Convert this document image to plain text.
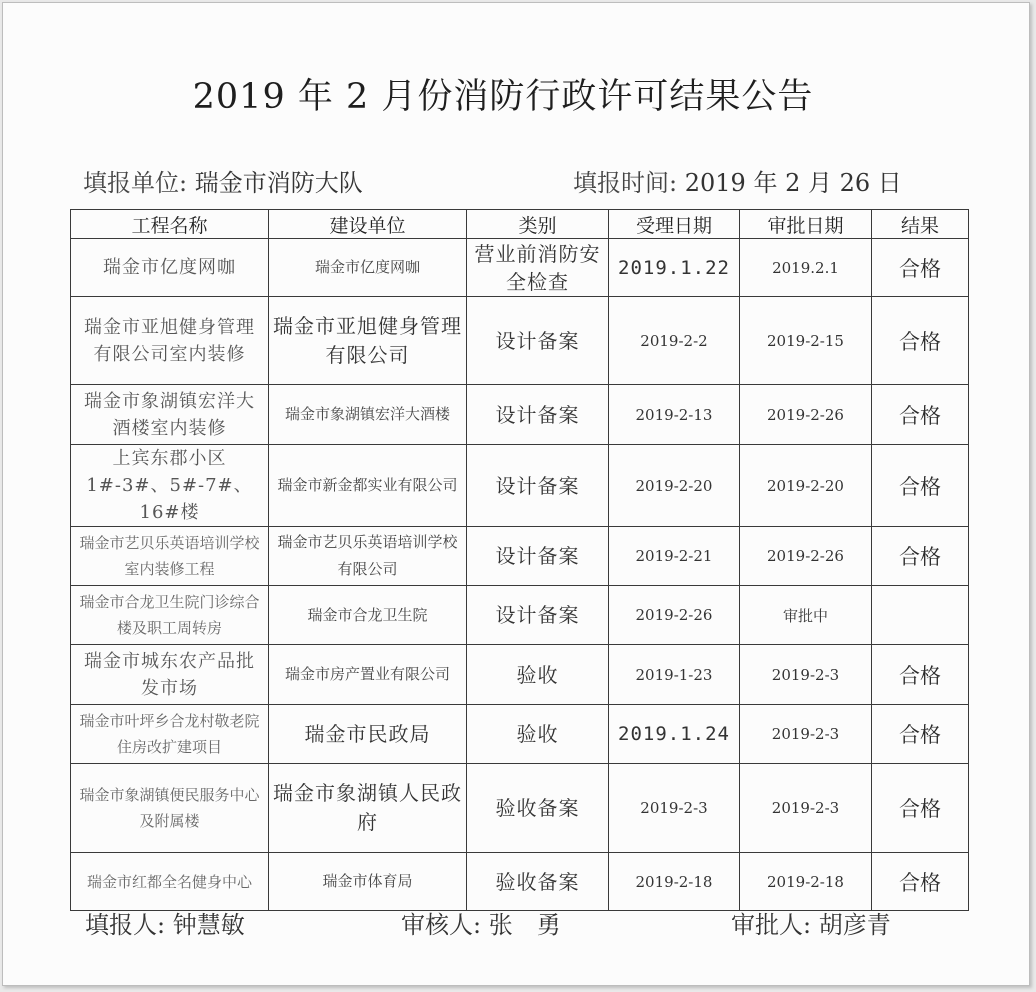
2019 年 2 月份消防行政许可结果公告
填报单位: 瑞金市消防大队	填报时间: 2019 年 2 月 26 日
工程名称	建设单位	类别	受理日期	审批日期	结果
瑞金市亿度网咖	瑞金市亿度网咖	营业前消防安全检查	2019.1.22	2019.2.1	合格
瑞金市亚旭健身管理有限公司室内装修	瑞金市亚旭健身管理有限公司	设计备案	2019-2-2	2019-2-15	合格
瑞金市象湖镇宏洋大酒楼室内装修	瑞金市象湖镇宏洋大酒楼	设计备案	2019-2-13	2019-2-26	合格
上宾东郡小区 1#-3#、5#-7#、16#楼	瑞金市新金都实业有限公司	设计备案	2019-2-20	2019-2-20	合格
瑞金市艺贝乐英语培训学校室内装修工程	瑞金市艺贝乐英语培训学校有限公司	设计备案	2019-2-21	2019-2-26	合格
瑞金市合龙卫生院门诊综合楼及职工周转房	瑞金市合龙卫生院	设计备案	2019-2-26	审批中	
瑞金市城东农产品批发市场	瑞金市房产置业有限公司	验收	2019-1-23	2019-2-3	合格
瑞金市叶坪乡合龙村敬老院住房改扩建项目	瑞金市民政局	验收	2019.1.24	2019-2-3	合格
瑞金市象湖镇便民服务中心及附属楼	瑞金市象湖镇人民政府	验收备案	2019-2-3	2019-2-3	合格
瑞金市红都全名健身中心	瑞金市体育局	验收备案	2019-2-18	2019-2-18	合格
填报人: 钟慧敏	审核人: 张　勇	审批人: 胡彦青
